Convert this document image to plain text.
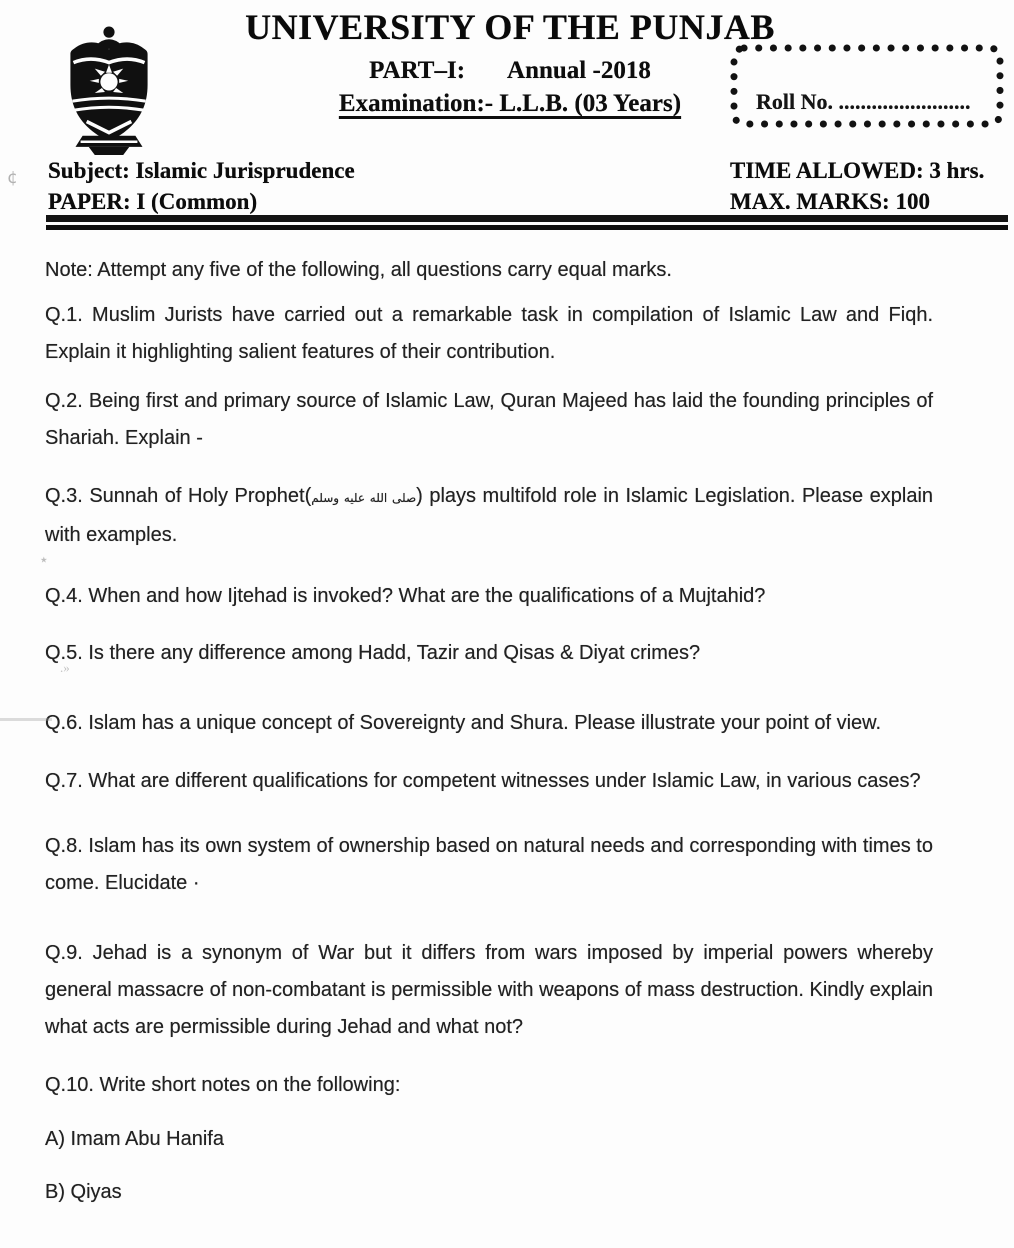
UNIVERSITY OF THE PUNJAB
PART–I: Annual -2018
Examination:- L.L.B. (03 Years)	Roll No. ........................
Subject: Islamic Jurisprudence
PAPER: I (Common)
TIME ALLOWED: 3 hrs.
MAX. MARKS: 100

Note: Attempt any five of the following, all questions carry equal marks.

Q.1. Muslim Jurists have carried out a remarkable task in compilation of Islamic Law and Fiqh. Explain it highlighting salient features of their contribution.

Q.2. Being first and primary source of Islamic Law, Quran Majeed has laid the founding principles of Shariah. Explain -

Q.3. Sunnah of Holy Prophet(صلى الله عليه وسلم) plays multifold role in Islamic Legislation. Please explain with examples.

Q.4. When and how Ijtehad is invoked? What are the qualifications of a Mujtahid?

Q.5. Is there any difference among Hadd, Tazir and Qisas & Diyat crimes?

Q.6. Islam has a unique concept of Sovereignty and Shura. Please illustrate your point of view.

Q.7. What are different qualifications for competent witnesses under Islamic Law, in various cases?

Q.8. Islam has its own system of ownership based on natural needs and corresponding with times to come. Elucidate ·

Q.9. Jehad is a synonym of War but it differs from wars imposed by imperial powers whereby general massacre of non-combatant is permissible with weapons of mass destruction. Kindly explain what acts are permissible during Jehad and what not?

Q.10. Write short notes on the following:

A) Imam Abu Hanifa

B) Qiyas

¢
٭
.»
